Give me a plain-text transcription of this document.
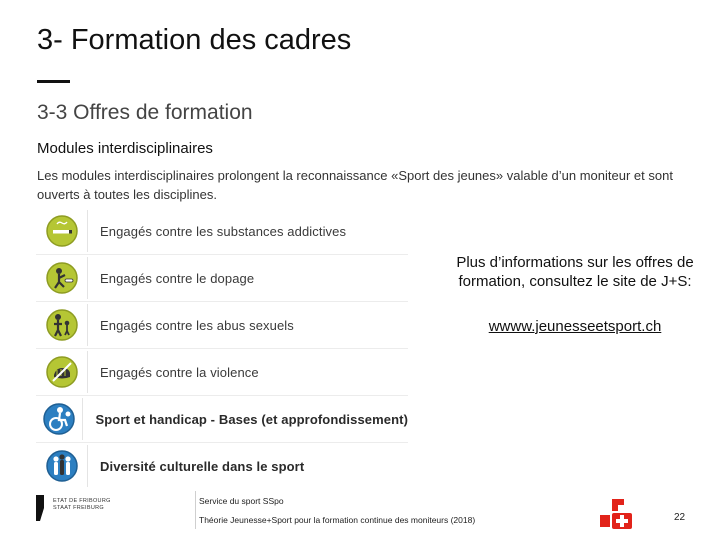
3- Formation des cadres
3-3 Offres de formation
Modules interdisciplinaires
Les modules interdisciplinaires prolongent la reconnaissance «Sport des jeunes» valable d’un moniteur et sont ouverts à toutes les disciplines.
Engagés contre les substances addictives
Engagés contre le dopage
Engagés contre les abus sexuels
Engagés contre la violence
Sport et handicap - Bases (et approfondissement)
Diversité culturelle dans le sport
Plus d’informations sur les offres de formation, consultez le site de J+S:
wwww.jeunesseetsport.ch
ETAT DE FRIBOURG
STAAT FREIBURG
Service du sport SSpo
Théorie Jeunesse+Sport pour la formation continue des moniteurs (2018)	22
